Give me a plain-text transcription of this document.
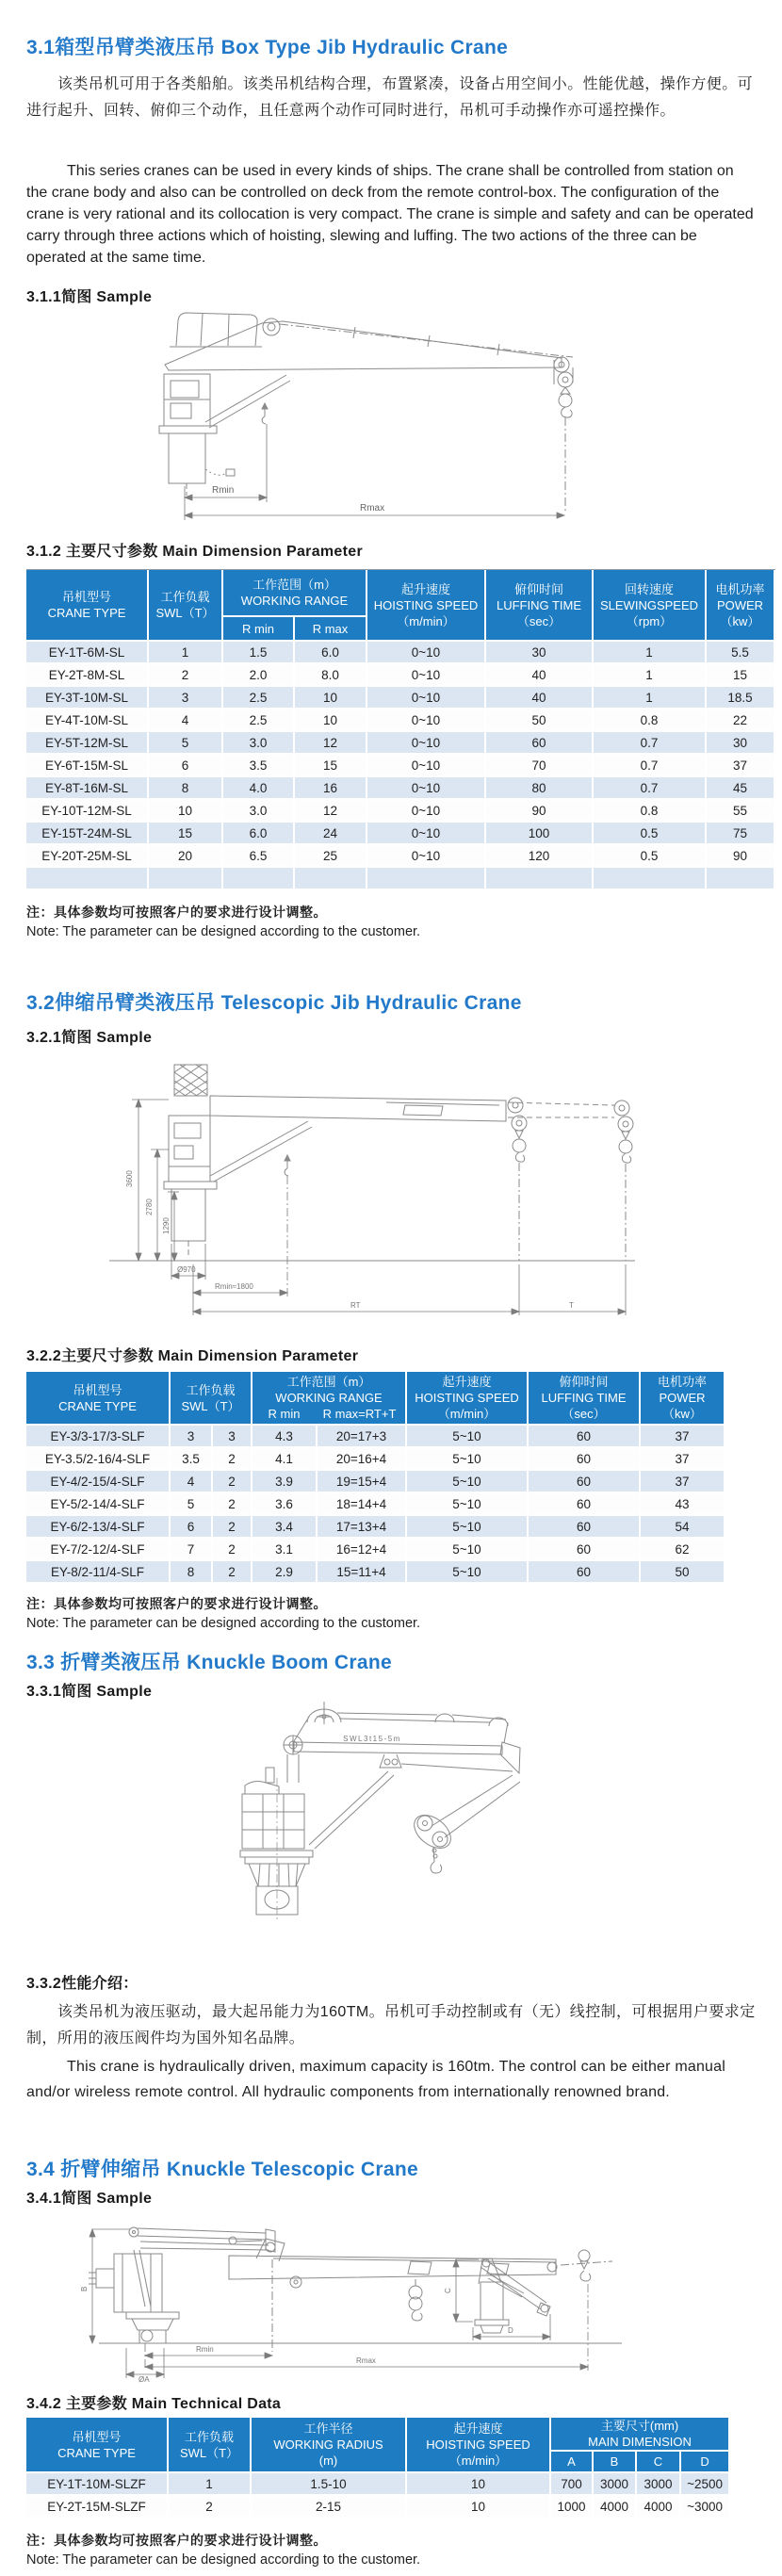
3.1箱型吊臂类液压吊 Box Type Jib Hydraulic Crane
该类吊机可用于各类船舶。该类吊机结构合理，布置紧凑，设备占用空间小。性能优越，操作方便。可进行起升、回转、俯仰三个动作，且任意两个动作可同时进行，吊机可手动操作亦可遥控操作。
This series cranes can be used in every kinds of ships. The crane shall be controlled from station on the crane body and also can be controlled on deck from the remote control-box. The configuration of the crane is very rational and its collocation is very compact. The crane is simple and safety and can be operated carry through three actions which of hoisting, slewing and luffing. The two actions of the three can be operated at the same time.
3.1.1简图 Sample
Rmin
Rmax
3.1.2 主要尺寸参数 Main Dimension Parameter
吊机型号
CRANE TYPE

工作负载
SWL（T）

工作范围（m）
WORKING RANGE

起升速度
HOISTING SPEED
（m/min）

俯仰时间
LUFFING TIME
（sec）

回转速度
SLEWINGSPEED
（rpm）

电机功率
POWER
（kw）

		R min	R max				
EY-1T-6M-SL	1	1.5	6.0	0~10	30	1	5.5
EY-2T-8M-SL	2	2.0	8.0	0~10	40	1	15
EY-3T-10M-SL	3	2.5	10	0~10	40	1	18.5
EY-4T-10M-SL	4	2.5	10	0~10	50	0.8	22
EY-5T-12M-SL	5	3.0	12	0~10	60	0.7	30
EY-6T-15M-SL	6	3.5	15	0~10	70	0.7	37
EY-8T-16M-SL	8	4.0	16	0~10	80	0.7	45
EY-10T-12M-SL	10	3.0	12	0~10	90	0.8	55
EY-15T-24M-SL	15	6.0	24	0~10	100	0.5	75
EY-20T-25M-SL	20	6.5	25	0~10	120	0.5	90

注：具体参数均可按照客户的要求进行设计调整。
Note: The parameter can be designed according to the customer.
3.2伸缩吊臂类液压吊 Telescopic Jib Hydraulic Crane
3.2.1简图 Sample
3600
2780
1290
Ø970
Rmin≈1800
RT	T
3.2.2主要尺寸参数 Main Dimension Parameter
吊机型号
CRANE TYPE

工作负载
SWL（T）

工作范围（m）
WORKING RANGE
R min	R max=RT+T

起升速度
HOISTING SPEED
（m/min）

俯仰时间
LUFFING TIME
（sec）

电机功率
POWER
（kw）

EY-3/3-17/3-SLF	3	3	4.3	20=17+3	5~10	60	37
EY-3.5/2-16/4-SLF	3.5	2	4.1	20=16+4	5~10	60	37
EY-4/2-15/4-SLF	4	2	3.9	19=15+4	5~10	60	37
EY-5/2-14/4-SLF	5	2	3.6	18=14+4	5~10	60	43
EY-6/2-13/4-SLF	6	2	3.4	17=13+4	5~10	60	54
EY-7/2-12/4-SLF	7	2	3.1	16=12+4	5~10	60	62
EY-8/2-11/4-SLF	8	2	2.9	15=11+4	5~10	60	50
注：具体参数均可按照客户的要求进行设计调整。
Note: The parameter can be designed according to the customer.
3.3 折臂类液压吊 Knuckle Boom Crane
3.3.1简图 Sample
SWL3t15-5m
3.3.2性能介绍：
该类吊机为液压驱动，最大起吊能力为160TM。吊机可手动控制或有（无）线控制，可根据用户要求定制，所用的液压阀件均为国外知名品牌。
This crane is hydraulically driven, maximum capacity is 160tm. The control can be either manual and/or wireless remote control. All hydraulic components from internationally renowned brand.
3.4 折臂伸缩吊 Knuckle Telescopic Crane
3.4.1简图 Sample
B	C
D
Rmin
Rmax
ØA
3.4.2 主要参数 Main Technical Data
吊机型号
CRANE TYPE

工作负载
SWL（T）

工作半径
WORKING RADIUS
(m)

起升速度
HOISTING SPEED
（m/min）

主要尺寸(mm)
MAIN DIMENSION

				A	B	C	D
EY-1T-10M-SLZF	1	1.5-10	10	700	3000	3000	~2500
EY-2T-15M-SLZF	2	2-15	10	1000	4000	4000	~3000
注：具体参数均可按照客户的要求进行设计调整。
Note: The parameter can be designed according to the customer.
